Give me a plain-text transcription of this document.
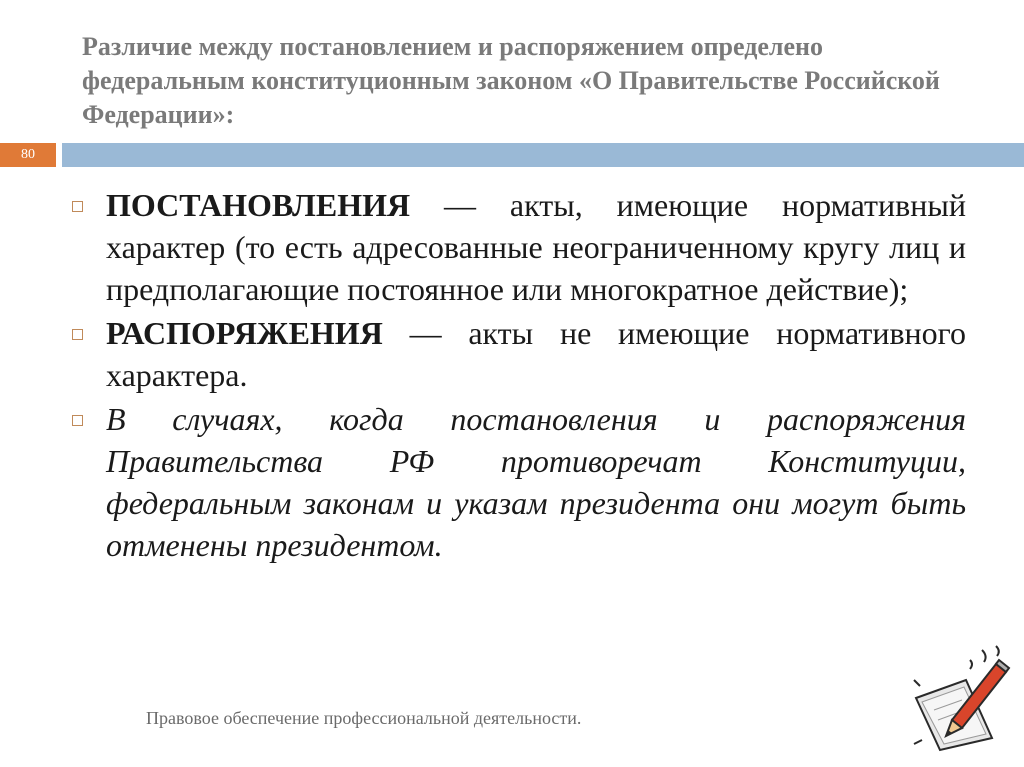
Различие между постановлением и распоряжением определено федеральным конституционным законом «О Правительстве Российской Федерации»:
80
ПОСТАНОВЛЕНИЯ — акты, имеющие нормативный характер (то есть адресованные неограниченному кругу лиц и предполагающие постоянное или многократное действие);
РАСПОРЯЖЕНИЯ — акты не имеющие нормативного характера.
В случаях, когда постановления и распоряжения Правительства РФ противоречат Конституции, федеральным законам и указам президента они могут быть отменены президентом.
Правовое обеспечение профессиональной деятельности.
